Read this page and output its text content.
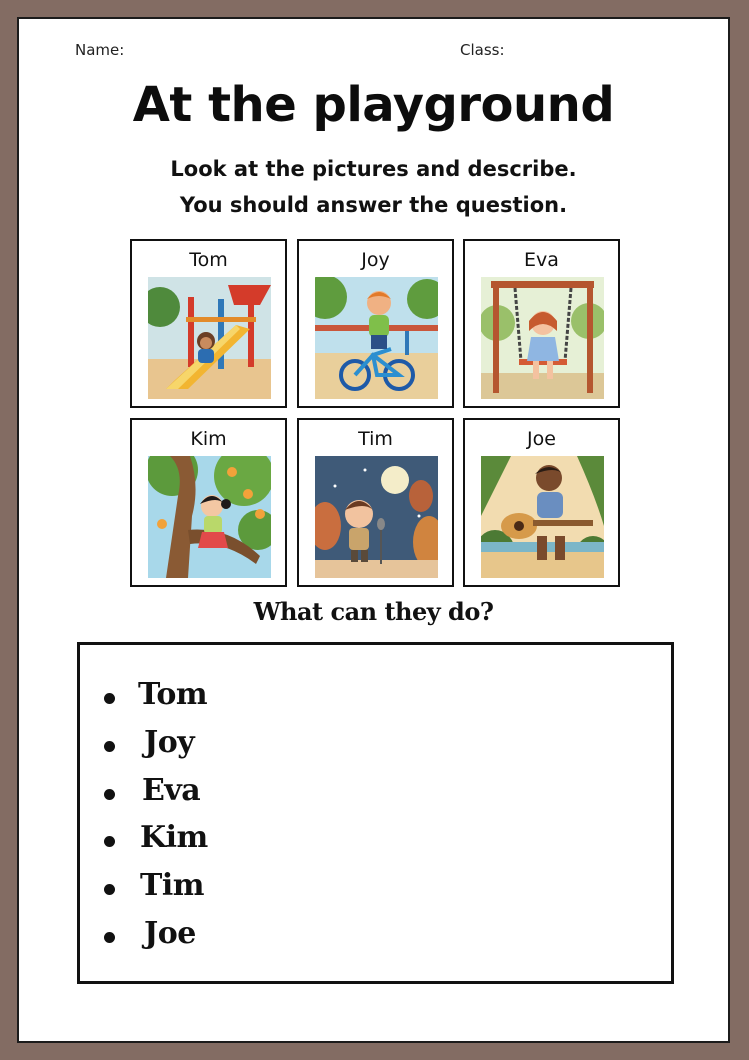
Name:	Class:
At the playground
Look at the pictures and describe.
You should answer the question.
Tom	Joy	Eva
Kim	Tim	Joe
What can they do?
Tom
Joy
Eva
Kim
Tim
Joe
